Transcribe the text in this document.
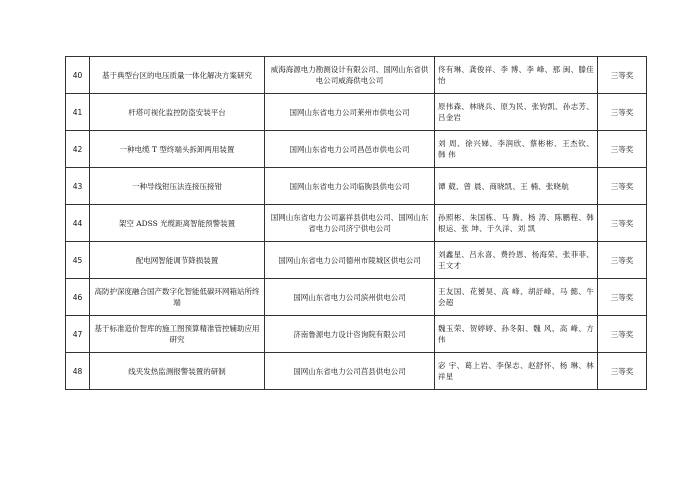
40	基于典型台区的电压质量一体化解决方案研究	威海海源电力勘测设计有限公司、国网山东省供电公司威海供电公司	佟有琳、龚俊祥、李 博、李 峰、那 闽、滕佳怡	三等奖
41	杆塔可视化监控防盗安装平台	国网山东省电力公司莱州市供电公司	原伟森、林晓兵、原为民、张钧凯、孙志芳、吕金岩	三等奖
42	一种电缆 T 型终端头拆卸两用装置	国网山东省电力公司昌邑市供电公司	刘 周、徐兴娣、李润欣、蔡彬彬、王杰钦、韩 伟	三等奖
43	一种导线钳压法连接压接钳	国网山东省电力公司临朐县供电公司	谭 葳、曾 晨、商晓凯、王 楠、张晓航	三等奖
44	架空 ADSS 光缆距离智能预警装置	国网山东省电力公司嘉祥县供电公司、国网山东省电力公司济宁供电公司	孙照彬、朱国栋、马 腾、杨 涛、陈鹏程、韩根运、张 坤、于久洋、刘 凯	三等奖
45	配电网智能调节降损装置	国网山东省电力公司德州市陵城区供电公司	刘鑫星、吕永喜、费拎恩、杨海荣、张菲菲、王文才	三等奖
46	高防护深度融合国产数字化智能低碳环网箱站所终端	国网山东省电力公司滨州供电公司	王友国、花赟昊、高 峰、胡訏峰、马 懿、牛会超	三等奖
47	基于标准造价智库的施工图预算精准管控辅助应用研究	济南鲁源电力设计咨询院有限公司	魏玉荣、贺婷婷、孙冬阳、魏 风、高 峰、方 伟	三等奖
48	线夹发热监测报警装置的研制	国网山东省电力公司莒县供电公司	宓 宇、葛上岩、李保志、赵舒怀、杨 琳、林祥星	三等奖
